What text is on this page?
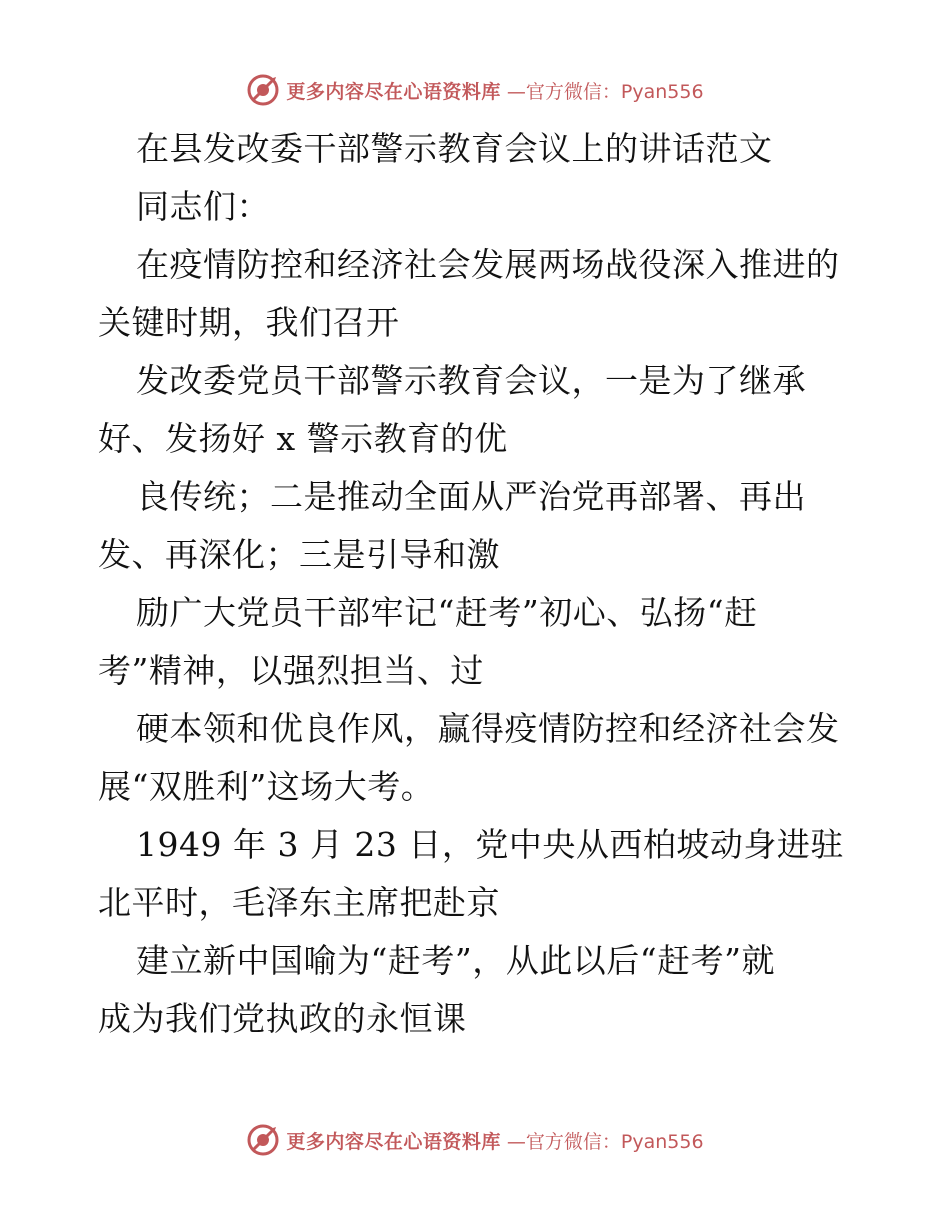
更多内容尽在心语资料库 —官方微信：Pyan556
在县发改委干部警示教育会议上的讲话范文
同志们：
在疫情防控和经济社会发展两场战役深入推进的
关键时期，我们召开
发改委党员干部警示教育会议，一是为了继承
好、发扬好 x 警示教育的优
良传统；二是推动全面从严治党再部署、再出
发、再深化；三是引导和激
励广大党员干部牢记“赶考”初心、弘扬“赶
考”精神，以强烈担当、过
硬本领和优良作风，赢得疫情防控和经济社会发
展“双胜利”这场大考。
1949 年 3 月 23 日，党中央从西柏坡动身进驻
北平时，毛泽东主席把赴京
建立新中国喻为“赶考”，从此以后“赶考”就
成为我们党执政的永恒课
更多内容尽在心语资料库 —官方微信：Pyan556
